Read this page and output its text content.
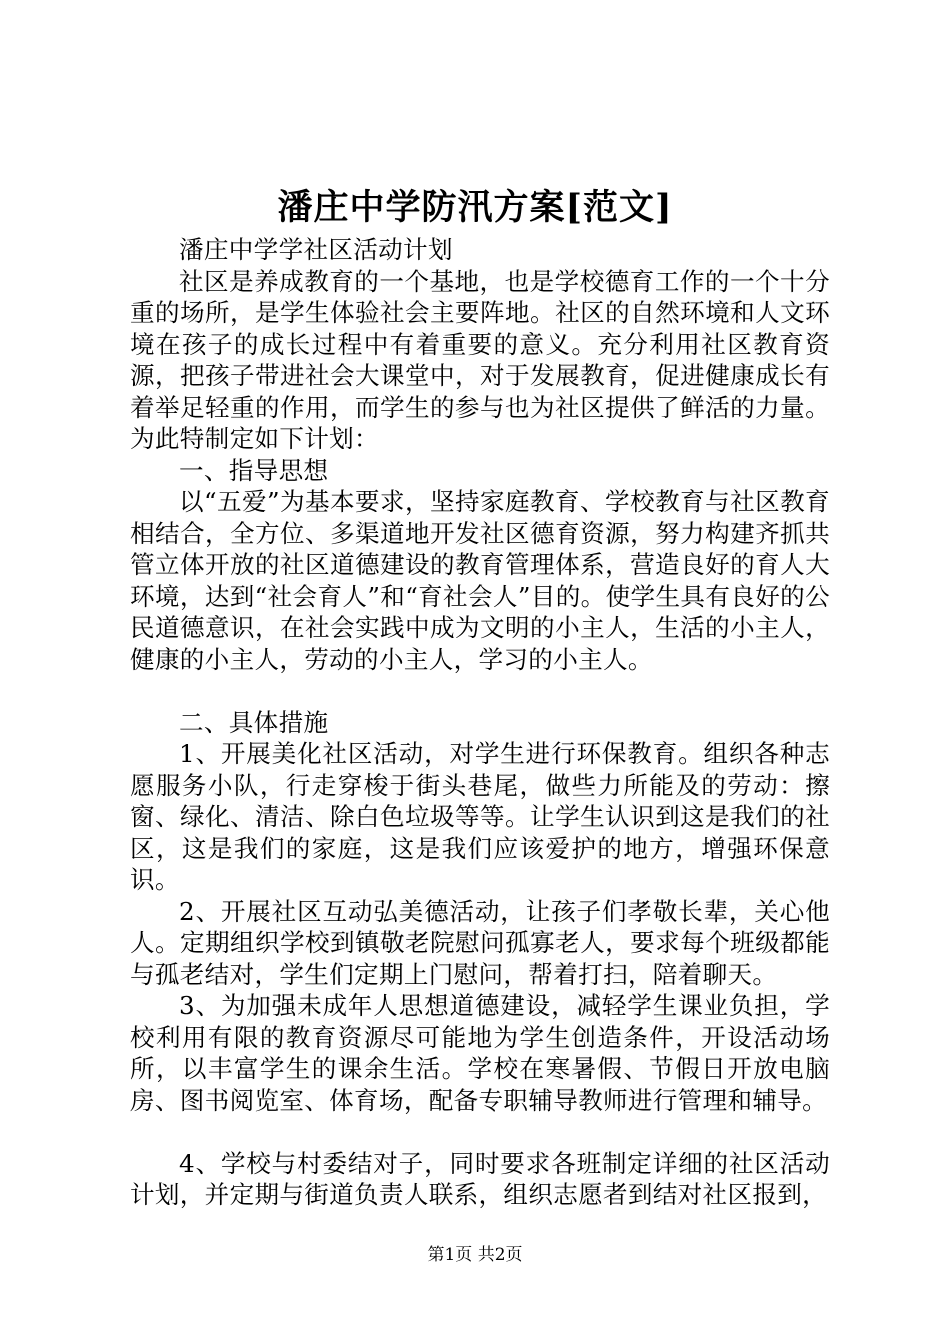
潘庄中学防汛方案[范文]

潘庄中学学社区活动计划

社区是养成教育的一个基地，也是学校德育工作的一个十分重的场所，是学生体验社会主要阵地。社区的自然环境和人文环境在孩子的成长过程中有着重要的意义。充分利用社区教育资源，把孩子带进社会大课堂中，对于发展教育，促进健康成长有着举足轻重的作用，而学生的参与也为社区提供了鲜活的力量。为此特制定如下计划：

一、指导思想

以“五爱”为基本要求，坚持家庭教育、学校教育与社区教育相结合，全方位、多渠道地开发社区德育资源，努力构建齐抓共管立体开放的社区道德建设的教育管理体系，营造良好的育人大环境，达到“社会育人”和“育社会人”目的。使学生具有良好的公民道德意识，在社会实践中成为文明的小主人，生活的小主人，健康的小主人，劳动的小主人，学习的小主人。

二、具体措施

1、开展美化社区活动，对学生进行环保教育。组织各种志愿服务小队，行走穿梭于街头巷尾，做些力所能及的劳动：擦窗、绿化、清洁、除白色垃圾等等。让学生认识到这是我们的社区，这是我们的家庭，这是我们应该爱护的地方，增强环保意识。

2、开展社区互动弘美德活动，让孩子们孝敬长辈，关心他人。定期组织学校到镇敬老院慰问孤寡老人，要求每个班级都能与孤老结对，学生们定期上门慰问，帮着打扫，陪着聊天。

3、为加强未成年人思想道德建设，减轻学生课业负担，学校利用有限的教育资源尽可能地为学生创造条件，开设活动场所，以丰富学生的课余生活。学校在寒暑假、节假日开放电脑房、图书阅览室、体育场，配备专职辅导教师进行管理和辅导。

4、学校与村委结对子，同时要求各班制定详细的社区活动计划，并定期与街道负责人联系，组织志愿者到结对社区报到，

第1页 共2页
